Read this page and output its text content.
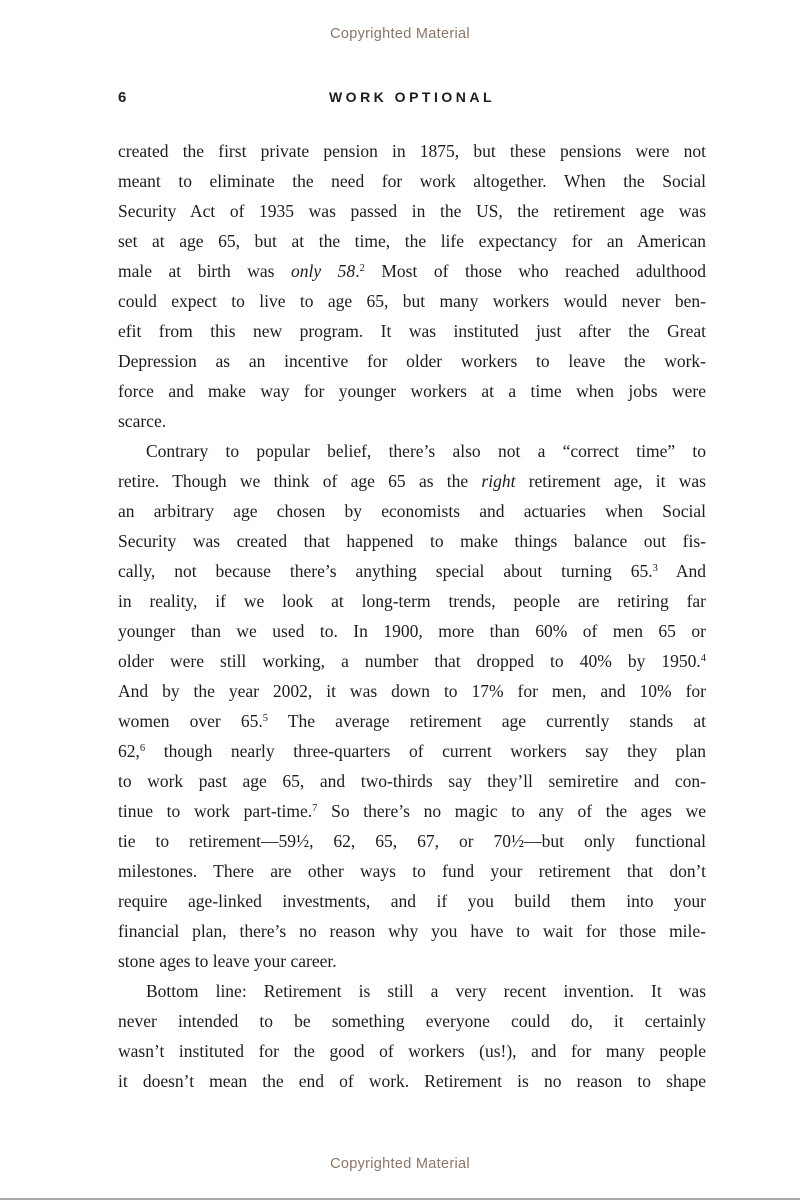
Copyrighted Material
6	WORK OPTIONAL
created the first private pension in 1875, but these pensions were not
meant to eliminate the need for work altogether. When the Social
Security Act of 1935 was passed in the US, the retirement age was
set at age 65, but at the time, the life expectancy for an American
male at birth was only 58.$^2$ Most of those who reached adulthood
could expect to live to age 65, but many workers would never ben-
efit from this new program. It was instituted just after the Great
Depression as an incentive for older workers to leave the work-
force and make way for younger workers at a time when jobs were
scarce.
Contrary to popular belief, there’s also not a “correct time” to
retire. Though we think of age 65 as the right retirement age, it was
an arbitrary age chosen by economists and actuaries when Social
Security was created that happened to make things balance out fis-
cally, not because there’s anything special about turning 65.$^3$ And
in reality, if we look at long-term trends, people are retiring far
younger than we used to. In 1900, more than 60% of men 65 or
older were still working, a number that dropped to 40% by 1950.$^4$
And by the year 2002, it was down to 17% for men, and 10% for
women over 65.$^5$ The average retirement age currently stands at
62,$^6$ though nearly three-quarters of current workers say they plan
to work past age 65, and two-thirds say they’ll semiretire and con-
tinue to work part-time.$^7$ So there’s no magic to any of the ages we
tie to retirement—59½, 62, 65, 67, or 70½—but only functional
milestones. There are other ways to fund your retirement that don’t
require age-linked investments, and if you build them into your
financial plan, there’s no reason why you have to wait for those mile-
stone ages to leave your career.
Bottom line: Retirement is still a very recent invention. It was
never intended to be something everyone could do, it certainly
wasn’t instituted for the good of workers (us!), and for many people
it doesn’t mean the end of work. Retirement is no reason to shape
Copyrighted Material
